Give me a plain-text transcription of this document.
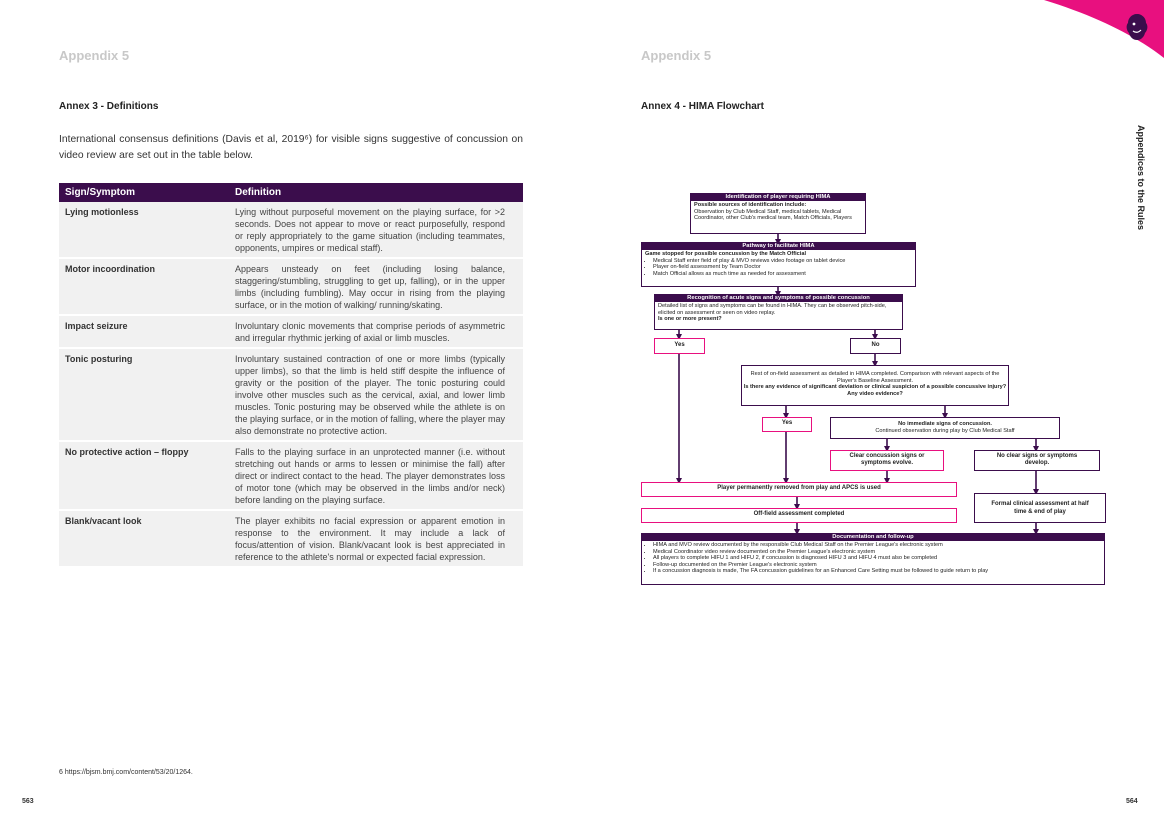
Appendix 5
Annex 3 - Definitions
International consensus definitions (Davis et al, 2019⁶) for visible signs suggestive of concussion on video review are set out in the table below.
Sign/Symptom	Definition
Lying motionless	Lying without purposeful movement on the playing surface, for >2 seconds. Does not appear to move or react purposefully, respond or reply appropriately to the game situation (including teammates, opponents, umpires or medical staff).
Motor incoordination	Appears unsteady on feet (including losing balance, staggering/stumbling, struggling to get up, falling), or in the upper limbs (including fumbling). May occur in rising from the playing surface, or in the motion of walking/ running/skating.
Impact seizure	Involuntary clonic movements that comprise periods of asymmetric and irregular rhythmic jerking of axial or limb muscles.
Tonic posturing	Involuntary sustained contraction of one or more limbs (typically upper limbs), so that the limb is held stiff despite the influence of gravity or the position of the player. The tonic posturing could involve other muscles such as the cervical, axial, and lower limb muscles. Tonic posturing may be observed while the athlete is on the playing surface, or in the motion of falling, where the player may also demonstrate no protective action.
No protective action – floppy	Falls to the playing surface in an unprotected manner (i.e. without stretching out hands or arms to lessen or minimise the fall) after direct or indirect contact to the head. The player demonstrates loss of motor tone (which may be observed in the limbs and/or neck) before landing on the playing surface.
Blank/vacant look	The player exhibits no facial expression or apparent emotion in response to the environment. It may include a lack of focus/attention of vision. Blank/vacant look is best appreciated in reference to the athlete's normal or expected facial expression.
6 https://bjsm.bmj.com/content/53/20/1264.
563
Appendix 5
Annex 4 - HIMA Flowchart
Appendices to the Rules
564
Identification of player requiring HIMA
Possible sources of identification include:
Observation by Club Medical Staff, medical tablets, Medical Coordinator, other Club's medical team, Match Officials, Players
Pathway to facilitate HIMA
Game stopped for possible concussion by the Match Official
• Medical Staff enter field of play & MVO reviews video footage on tablet device
• Player on-field assessment by Team Doctor
• Match Official allows as much time as needed for assessment
Recognition of acute signs and symptoms of possible concussion
Detailed list of signs and symptoms can be found in HIMA. They can be observed pitch-side, elicited on assessment or seen on video replay.
Is one or more present?
Yes	No
Rest of on-field assessment as detailed in HIMA completed. Comparison with relevant aspects of the Player's Baseline Assessment.
Is there any evidence of significant deviation or clinical suspicion of a possible concussive injury? Any video evidence?
Yes	No immediate signs of concussion.
Continued observation during play by Club Medical Staff
Clear concussion signs or symptoms evolve.
No clear signs or symptoms develop.
Player permanently removed from play and APCS is used
Off-field assessment completed
Formal clinical assessment at half time & end of play
Documentation and follow-up
• HIMA and MVO review documented by the responsible Club Medical Staff on the Premier League's electronic system
• Medical Coordinator video review documented on the Premier League's electronic system
• All players to complete HIFU 1 and HIFU 2, if concussion is diagnosed HIFU 3 and HIFU 4 must also be completed
• Follow-up documented on the Premier League's electronic system
• If a concussion diagnosis is made, The FA concussion guidelines for an Enhanced Care Setting must be followed to guide return to play
